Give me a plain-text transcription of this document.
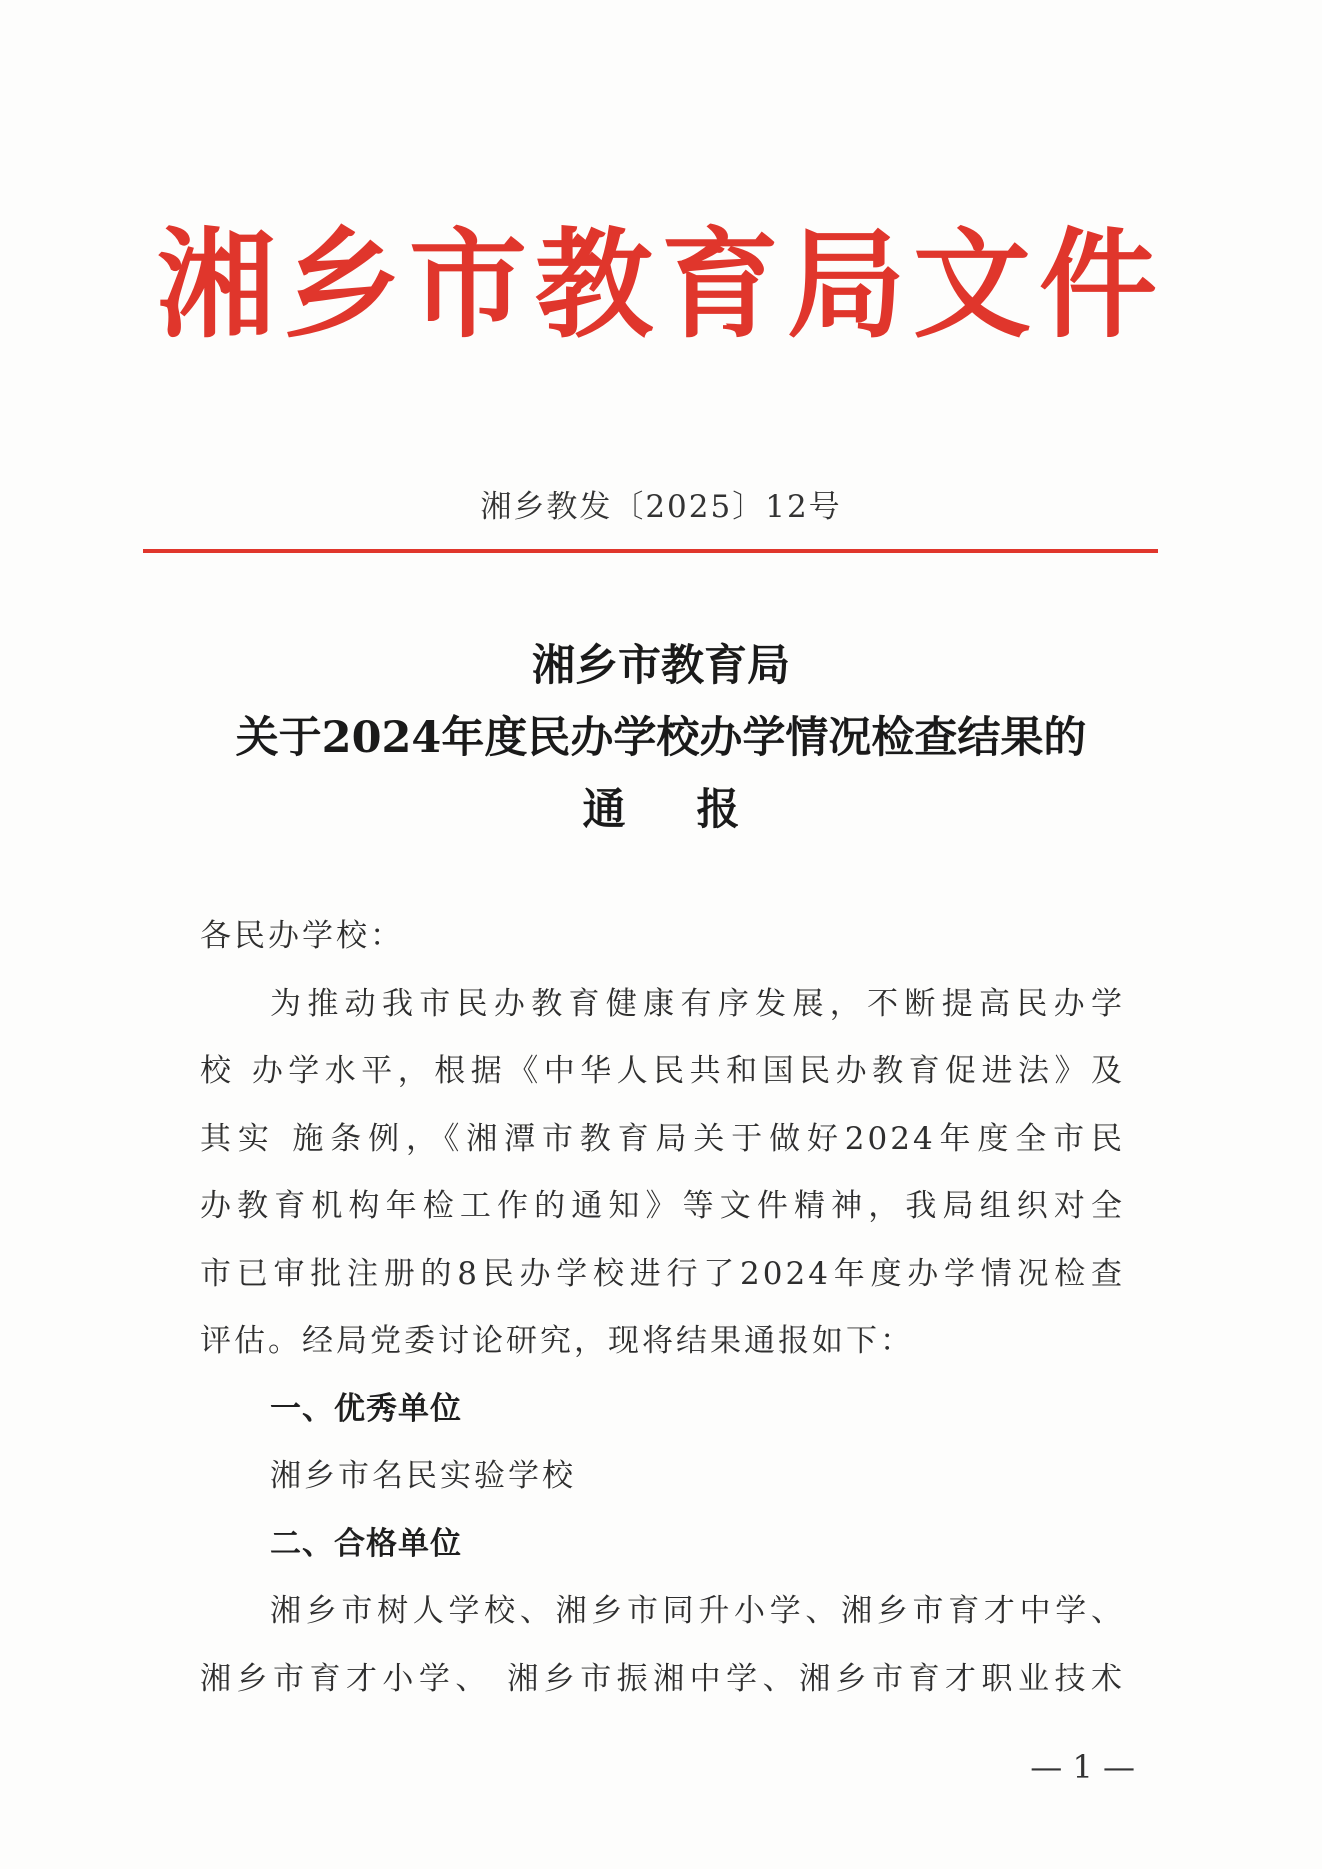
湘乡市教育局文件
湘乡教发〔2025〕12号
湘乡市教育局
关于2024年度民办学校办学情况检查结果的
通 报
各民办学校：
为推动我市民办教育健康有序发展，不断提高民办学
校 办学水平，根据《中华人民共和国民办教育促进法》及
其实 施条例，《湘潭市教育局关于做好2024年度全市民
办教育机构年检工作的通知》等文件精神，我局组织对全
市已审批注册的8民办学校进行了2024年度办学情况检查
评估。经局党委讨论研究，现将结果通报如下：
一、优秀单位
湘乡市名民实验学校
二、合格单位
湘乡市树人学校、湘乡市同升小学、湘乡市育才中学、
湘乡市育才小学、 湘乡市振湘中学、湘乡市育才职业技术
— 1 —
